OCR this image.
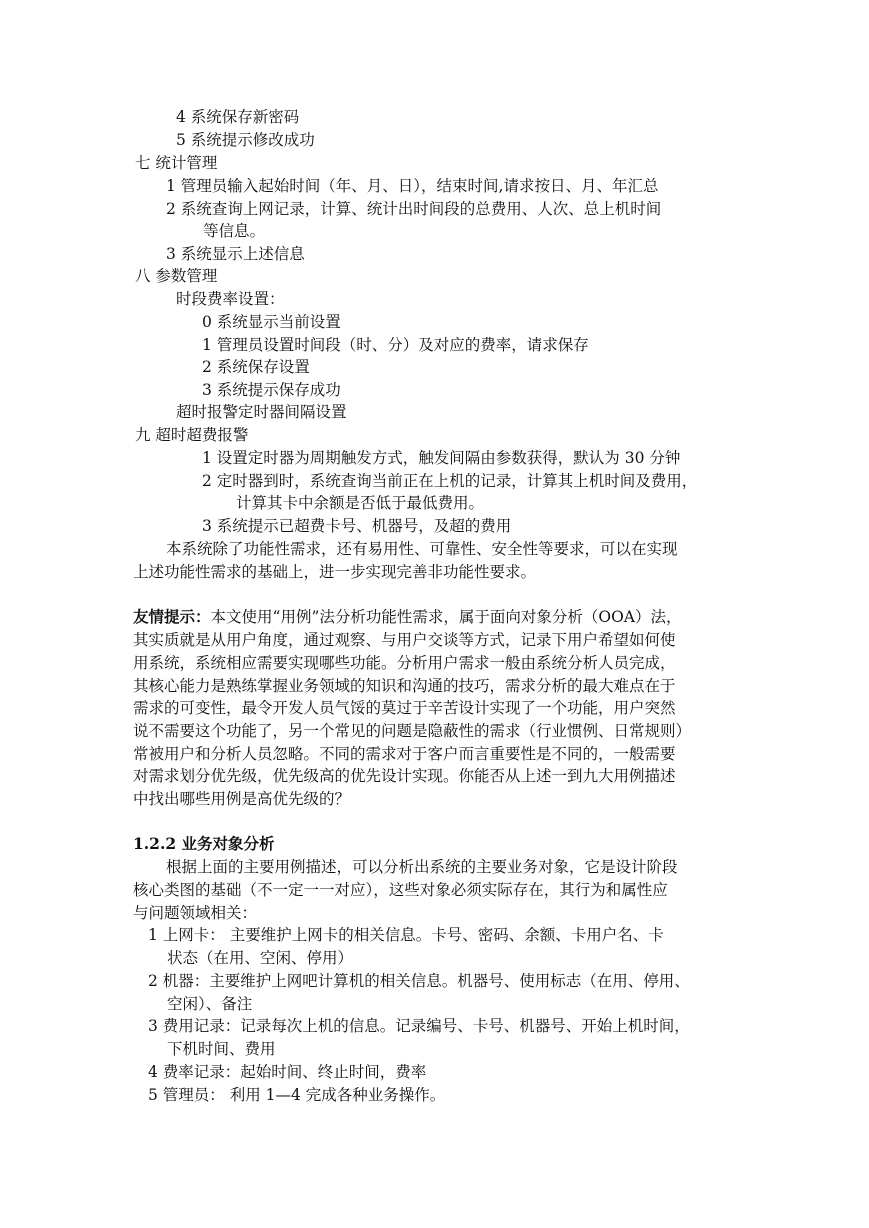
4 系统保存新密码
5 系统提示修改成功
七 统计管理
1 管理员输入起始时间（年、月、日），结束时间,请求按日、月、年汇总
2 系统查询上网记录，计算、统计出时间段的总费用、人次、总上机时间
等信息。
3 系统显示上述信息
八 参数管理
时段费率设置：
0 系统显示当前设置
1 管理员设置时间段（时、分）及对应的费率，请求保存
2 系统保存设置
3 系统提示保存成功
超时报警定时器间隔设置
九 超时超费报警
1 设置定时器为周期触发方式，触发间隔由参数获得，默认为 30 分钟
2 定时器到时，系统查询当前正在上机的记录，计算其上机时间及费用，
计算其卡中余额是否低于最低费用。
3 系统提示已超费卡号、机器号，及超的费用
本系统除了功能性需求，还有易用性、可靠性、安全性等要求，可以在实现
上述功能性需求的基础上，进一步实现完善非功能性要求。
友情提示：本文使用“用例”法分析功能性需求，属于面向对象分析（OOA）法，
其实质就是从用户角度，通过观察、与用户交谈等方式，记录下用户希望如何使
用系统，系统相应需要实现哪些功能。分析用户需求一般由系统分析人员完成，
其核心能力是熟练掌握业务领域的知识和沟通的技巧，需求分析的最大难点在于
需求的可变性，最令开发人员气馁的莫过于辛苦设计实现了一个功能，用户突然
说不需要这个功能了，另一个常见的问题是隐蔽性的需求（行业惯例、日常规则）
常被用户和分析人员忽略。不同的需求对于客户而言重要性是不同的，一般需要
对需求划分优先级，优先级高的优先设计实现。你能否从上述一到九大用例描述
中找出哪些用例是高优先级的？
1.2.2 业务对象分析
根据上面的主要用例描述，可以分析出系统的主要业务对象，它是设计阶段
核心类图的基础（不一定一一对应），这些对象必须实际存在，其行为和属性应
与问题领域相关：
1 上网卡： 主要维护上网卡的相关信息。卡号、密码、余额、卡用户名、卡
状态（在用、空闲、停用）
2 机器：主要维护上网吧计算机的相关信息。机器号、使用标志（在用、停用、
空闲）、备注
3 费用记录：记录每次上机的信息。记录编号、卡号、机器号、开始上机时间，
下机时间、费用
4 费率记录：起始时间、终止时间，费率
5 管理员： 利用 1—4 完成各种业务操作。
